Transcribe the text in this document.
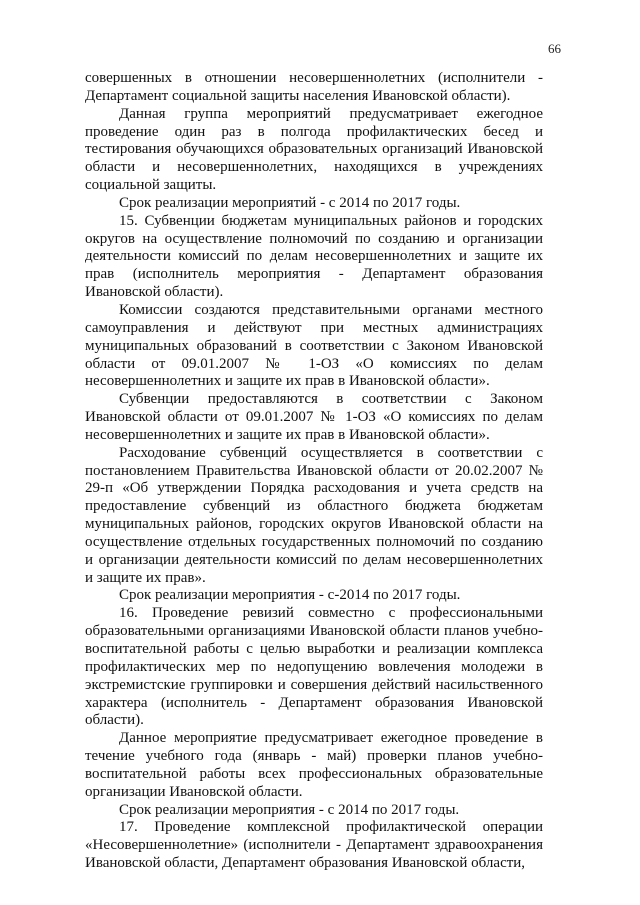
66

совершенных в отношении несовершеннолетних (исполнители - Департамент социальной защиты населения Ивановской области).

Данная группа мероприятий предусматривает ежегодное проведение один раз в полгода профилактических бесед и тестирования обучающихся образовательных организаций Ивановской области и несовершеннолетних, находящихся в учреждениях социальной защиты.

Срок реализации мероприятий - с 2014 по 2017 годы.

15. Субвенции бюджетам муниципальных районов и городских округов на осуществление полномочий по созданию и организации деятельности комиссий по делам несовершеннолетних и защите их прав (исполнитель мероприятия - Департамент образования Ивановской области).

Комиссии создаются представительными органами местного самоуправления и действуют при местных администрациях муниципальных образований в соответствии с Законом Ивановской области от 09.01.2007 № 1-ОЗ «О комиссиях по делам несовершеннолетних и защите их прав в Ивановской области».

Субвенции предоставляются в соответствии с Законом Ивановской области от 09.01.2007 № 1-ОЗ «О комиссиях по делам несовершеннолетних и защите их прав в Ивановской области».

Расходование субвенций осуществляется в соответствии с постановлением Правительства Ивановской области от 20.02.2007 № 29-п «Об утверждении Порядка расходования и учета средств на предоставление субвенций из областного бюджета бюджетам муниципальных районов, городских округов Ивановской области на осуществление отдельных государственных полномочий по созданию и организации деятельности комиссий по делам несовершеннолетних и защите их прав».

Срок реализации мероприятия - с-2014 по 2017 годы.

16. Проведение ревизий совместно с профессиональными образовательными организациями Ивановской области планов учебно-воспитательной работы с целью выработки и реализации комплекса профилактических мер по недопущению вовлечения молодежи в экстремистские группировки и совершения действий насильственного характера (исполнитель - Департамент образования Ивановской области).

Данное мероприятие предусматривает ежегодное проведение в течение учебного года (январь - май) проверки планов учебно-воспитательной работы всех профессиональных образовательные организации Ивановской области.

Срок реализации мероприятия - с 2014 по 2017 годы.

17. Проведение комплексной профилактической операции «Несовершеннолетние» (исполнители - Департамент здравоохранения Ивановской области, Департамент образования Ивановской области,
